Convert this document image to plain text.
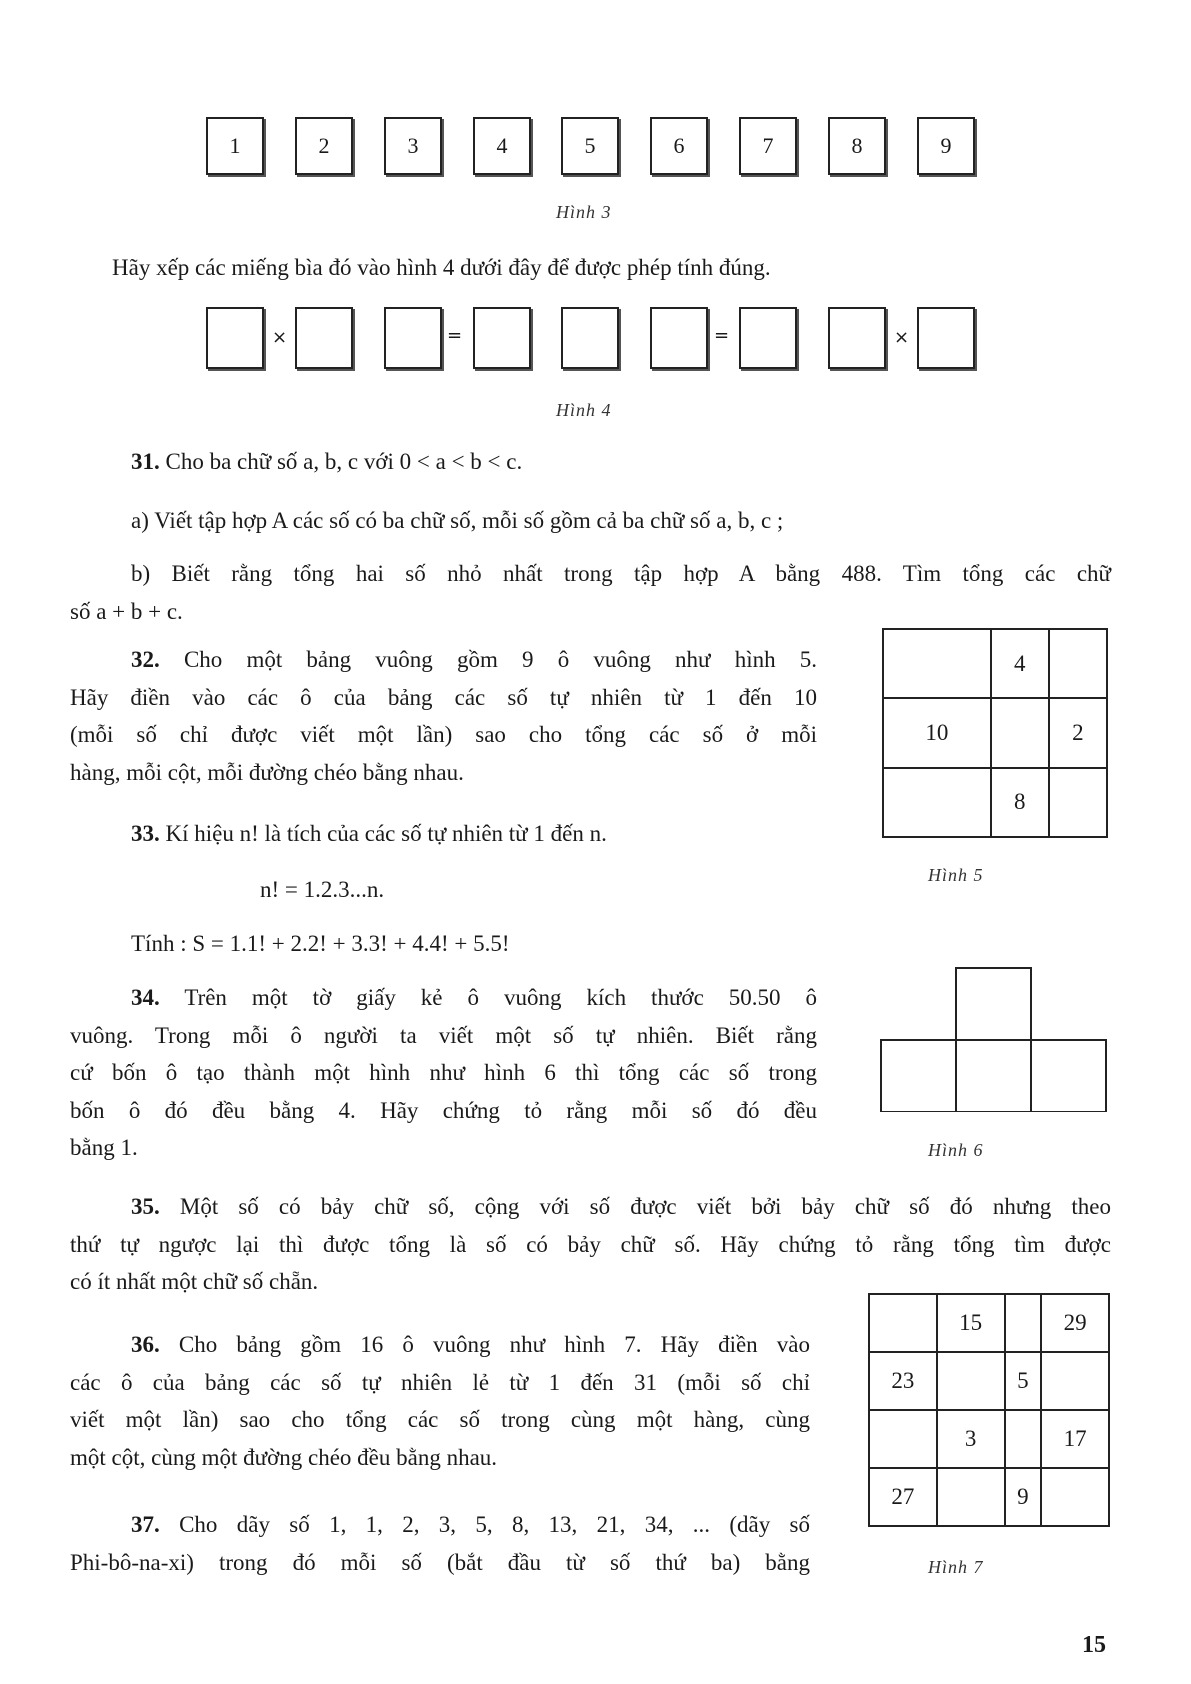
1	2	3	4	5	6	7	8	9
Hình 3
Hãy xếp các miếng bìa đó vào hình 4 dưới đây để được phép tính đúng.
×	=	=	×
Hình 4
31. Cho ba chữ số a, b, c với 0 < a < b < c.
a) Viết tập hợp A các số có ba chữ số, mỗi số gồm cả ba chữ số a, b, c ;
b) Biết rằng tổng hai số nhỏ nhất trong tập hợp A bằng 488. Tìm tổng các chữ
số a + b + c.
32. Cho một bảng vuông gồm 9 ô vuông như hình 5.
Hãy điền vào các ô của bảng các số tự nhiên từ 1 đến 10
(mỗi số chỉ được viết một lần) sao cho tổng các số ở mỗi
hàng, mỗi cột, mỗi đường chéo bằng nhau.
	4	
10		2
	8	
Hình 5
33. Kí hiệu n! là tích của các số tự nhiên từ 1 đến n.
n! = 1.2.3...n.
Tính : S = 1.1! + 2.2! + 3.3! + 4.4! + 5.5!
34. Trên một tờ giấy kẻ ô vuông kích thước 50.50 ô
vuông. Trong mỗi ô người ta viết một số tự nhiên. Biết rằng
cứ bốn ô tạo thành một hình như hình 6 thì tổng các số trong
bốn ô đó đều bằng 4. Hãy chứng tỏ rằng mỗi số đó đều
bằng 1.	Hình 6
35. Một số có bảy chữ số, cộng với số được viết bởi bảy chữ số đó nhưng theo
thứ tự ngược lại thì được tổng là số có bảy chữ số. Hãy chứng tỏ rằng tổng tìm được
có ít nhất một chữ số chẵn.
	15		29
23		5	
	3		17
27		9	
Hình 7
36. Cho bảng gồm 16 ô vuông như hình 7. Hãy điền vào
các ô của bảng các số tự nhiên lẻ từ 1 đến 31 (mỗi số chỉ
viết một lần) sao cho tổng các số trong cùng một hàng, cùng
một cột, cùng một đường chéo đều bằng nhau.
37. Cho dãy số 1, 1, 2, 3, 5, 8, 13, 21, 34, ... (dãy số
Phi-bô-na-xi) trong đó mỗi số (bắt đầu từ số thứ ba) bằng
15
